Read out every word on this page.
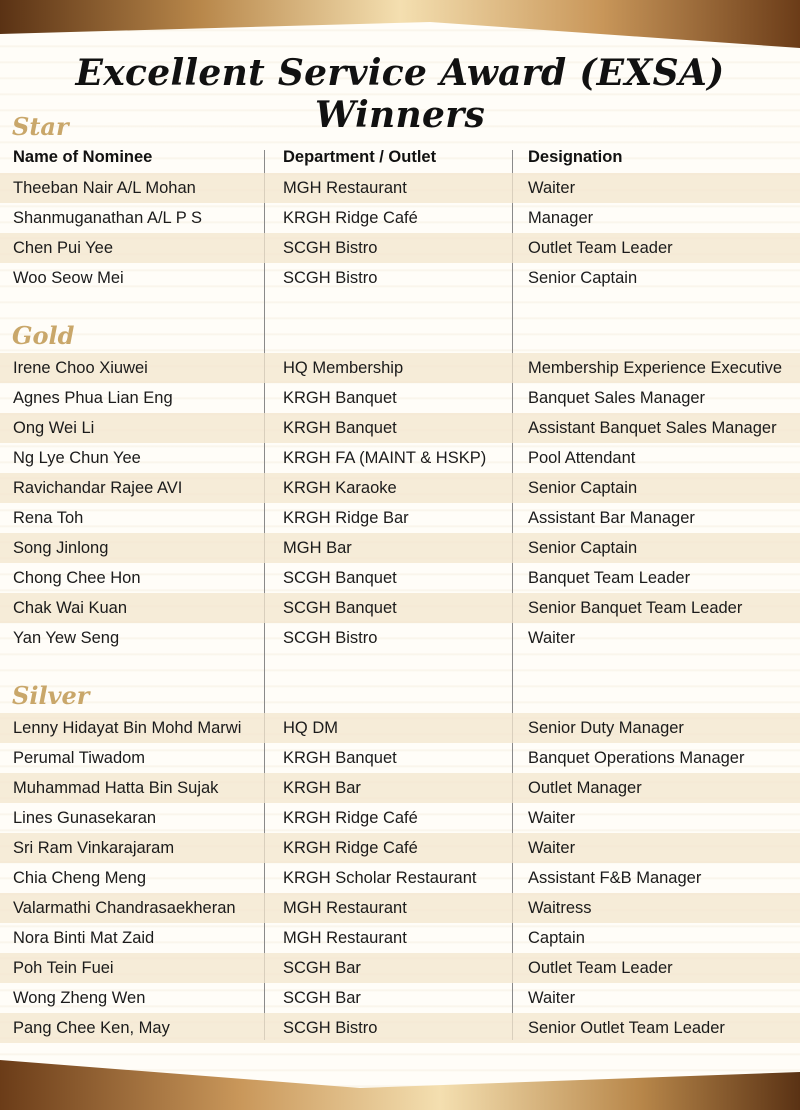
Excellent Service Award (EXSA) Winners
Star
Name of Nominee	Department / Outlet	Designation
Theeban Nair A/L Mohan	MGH Restaurant	Waiter
Shanmuganathan A/L P S	KRGH Ridge Café	Manager
Chen Pui Yee	SCGH Bistro	Outlet Team Leader
Woo Seow Mei	SCGH Bistro	Senior Captain
Gold
Irene Choo Xiuwei	HQ Membership	Membership Experience Executive
Agnes Phua Lian Eng	KRGH Banquet	Banquet Sales Manager
Ong Wei Li	KRGH Banquet	Assistant Banquet Sales Manager
Ng Lye Chun Yee	KRGH FA (MAINT & HSKP)	Pool Attendant
Ravichandar Rajee AVI	KRGH Karaoke	Senior Captain
Rena Toh	KRGH Ridge Bar	Assistant Bar Manager
Song Jinlong	MGH Bar	Senior Captain
Chong Chee Hon	SCGH Banquet	Banquet Team Leader
Chak Wai Kuan	SCGH Banquet	Senior Banquet Team Leader
Yan Yew Seng	SCGH Bistro	Waiter
Silver
Lenny Hidayat Bin Mohd Marwi	HQ DM	Senior Duty Manager
Perumal Tiwadom	KRGH Banquet	Banquet Operations Manager
Muhammad Hatta Bin Sujak	KRGH Bar	Outlet Manager
Lines Gunasekaran	KRGH Ridge Café	Waiter
Sri Ram Vinkarajaram	KRGH Ridge Café	Waiter
Chia Cheng Meng	KRGH Scholar Restaurant	Assistant F&B Manager
Valarmathi Chandrasaekheran	MGH Restaurant	Waitress
Nora Binti Mat Zaid	MGH Restaurant	Captain
Poh Tein Fuei	SCGH Bar	Outlet Team Leader
Wong Zheng Wen	SCGH Bar	Waiter
Pang Chee Ken, May	SCGH Bistro	Senior Outlet Team Leader
